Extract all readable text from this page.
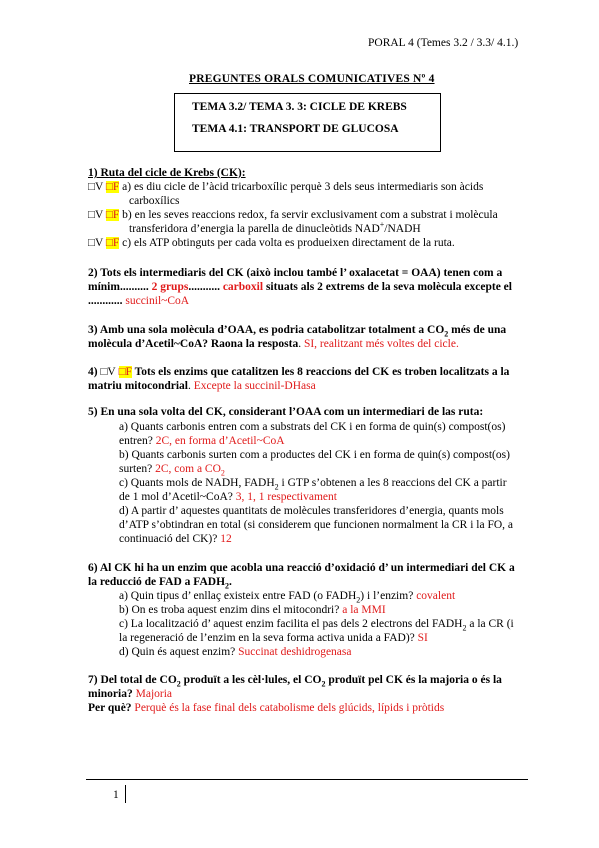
PORAL 4 (Temes 3.2 / 3.3/ 4.1.)
PREGUNTES ORALS COMUNICATIVES Nº 4
TEMA 3.2/ TEMA 3. 3: CICLE DE KREBS
TEMA 4.1: TRANSPORT DE GLUCOSA
1) Ruta del cicle de Krebs (CK):
□V □F a) es diu cicle de l’àcid tricarboxílic perquè 3 dels seus intermediaris son àcids
carboxílics
□V □F b) en les seves reaccions redox, fa servir exclusivament com a substrat i molècula
transferidora d’energia la parella de dinucleòtids NAD+/NADH
□V □F c) els ATP obtinguts per cada volta es produeixen directament de la ruta.
2) Tots els intermediaris del CK (això inclou també l’ oxalacetat = OAA) tenen com a
mínim.......... 2 grups........... carboxil situats als 2 extrems de la seva molècula excepte el
............ succinil~CoA
3) Amb una sola molècula d’OAA, es podria catabolitzar totalment a $CO_2$ més de una
molècula d’Acetil~CoA? Raona la resposta. SI, realitzant més voltes del cicle.
4) □V □F Tots els enzims que catalitzen les 8 reaccions del CK es troben localitzats a la
matriu mitocondrial. Excepte la succinil-DHasa
5) En una sola volta del CK, considerant l’OAA com un intermediari de las ruta:
a) Quants carbonis entren com a substrats del CK i en forma de quin(s) compost(os)
entren? 2C, en forma d’Acetil~CoA
b) Quants carbonis surten com a productes del CK i en forma de quin(s) compost(os)
surten? 2C, com a $CO_2$
c) Quants mols de NADH, $FADH_2$ i GTP s’obtenen a les 8 reaccions del CK a partir
de 1 mol d’Acetil~CoA? 3, 1, 1 respectivament
d) A partir d’ aquestes quantitats de molècules transferidores d’energia, quants mols
d’ATP s’obtindran en total (si considerem que funcionen normalment la CR i la FO, a
continuació del CK)? 12
6) Al CK hi ha un enzim que acobla una reacció d’oxidació d’ un intermediari del CK a
la reducció de FAD a $FADH_2$.
a) Quin tipus d’ enllaç existeix entre FAD (o $FADH_2$) i l’enzim? covalent
b) On es troba aquest enzim dins el mitocondri? a la MMI
c) La localització d’ aquest enzim facilita el pas dels 2 electrons del $FADH_2$ a la CR (i
la regeneració de l’enzim en la seva forma activa unida a FAD)? SI
d) Quin és aquest enzim? Succinat deshidrogenasa
7) Del total de $CO_2$ produït a les cèl·lules, el $CO_2$ produït pel CK és la majoria o és la
minoria? Majoria
Per què? Perquè és la fase final dels catabolisme dels glúcids, lípids i pròtids
1
